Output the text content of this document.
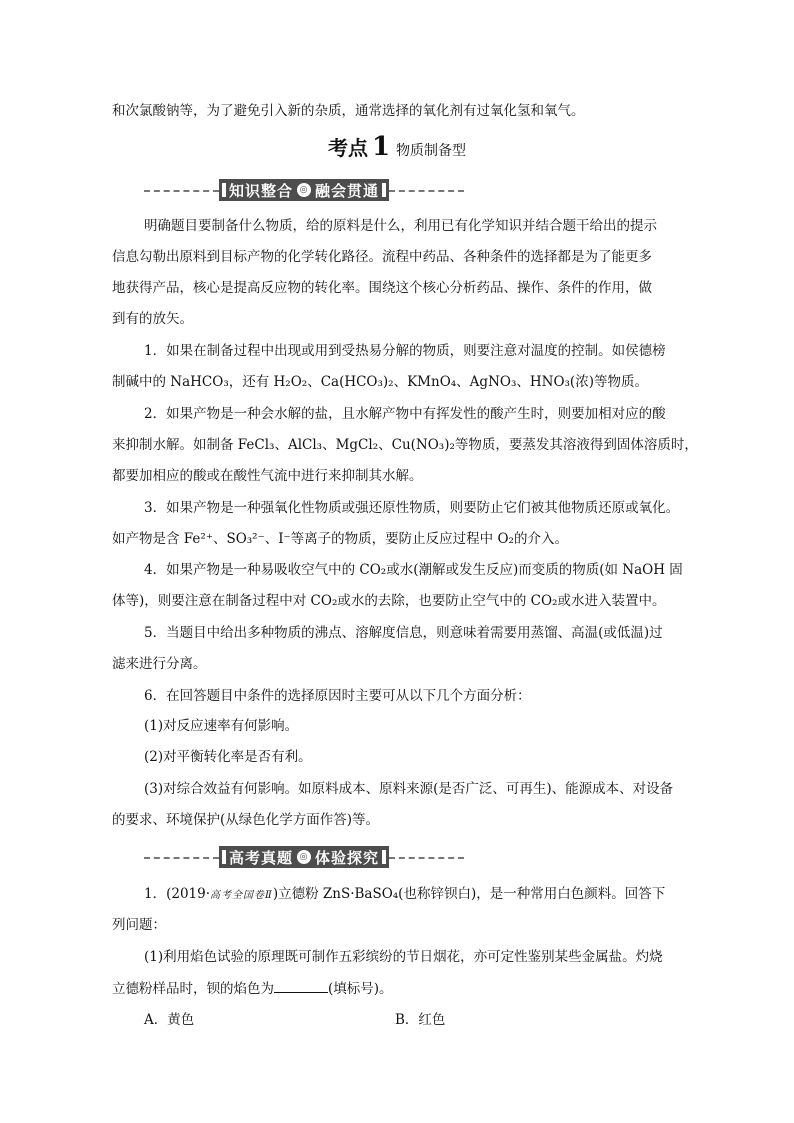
和次氯酸钠等，为了避免引入新的杂质，通常选择的氧化剂有过氧化氢和氧气。
考点 1 物质制备型
知识整合 ◎ 融会贯通
明确题目要制备什么物质，给的原料是什么，利用已有化学知识并结合题干给出的提示
信息勾勒出原料到目标产物的化学转化路径。流程中药品、各种条件的选择都是为了能更多
地获得产品，核心是提高反应物的转化率。围绕这个核心分析药品、操作、条件的作用，做
到有的放矢。
1．如果在制备过程中出现或用到受热易分解的物质，则要注意对温度的控制。如侯德榜
制碱中的 NaHCO₃，还有 H₂O₂、Ca(HCO₃)₂、KMnO₄、AgNO₃、HNO₃(浓)等物质。
2．如果产物是一种会水解的盐，且水解产物中有挥发性的酸产生时，则要加相对应的酸
来抑制水解。如制备 FeCl₃、AlCl₃、MgCl₂、Cu(NO₃)₂等物质，要蒸发其溶液得到固体溶质时，
都要加相应的酸或在酸性气流中进行来抑制其水解。
3．如果产物是一种强氧化性物质或强还原性物质，则要防止它们被其他物质还原或氧化。
如产物是含 Fe²⁺、SO₃²⁻、I⁻等离子的物质，要防止反应过程中 O₂的介入。
4．如果产物是一种易吸收空气中的 CO₂或水(潮解或发生反应)而变质的物质(如 NaOH 固
体等)，则要注意在制备过程中对 CO₂或水的去除，也要防止空气中的 CO₂或水进入装置中。
5．当题目中给出多种物质的沸点、溶解度信息，则意味着需要用蒸馏、高温(或低温)过
滤来进行分离。
6．在回答题目中条件的选择原因时主要可从以下几个方面分析：
(1)对反应速率有何影响。
(2)对平衡转化率是否有利。
(3)对综合效益有何影响。如原料成本、原料来源(是否广泛、可再生)、能源成本、对设备
的要求、环境保护(从绿色化学方面作答)等。
高考真题 ◎ 体验探究
1．(2019·高考全国卷Ⅱ)立德粉 ZnS·BaSO₄(也称锌钡白)，是一种常用白色颜料。回答下
列问题：
(1)利用焰色试验的原理既可制作五彩缤纷的节日烟花，亦可定性鉴别某些金属盐。灼烧
立德粉样品时，钡的焰色为	(填标号)。
A．黄色	B．红色
